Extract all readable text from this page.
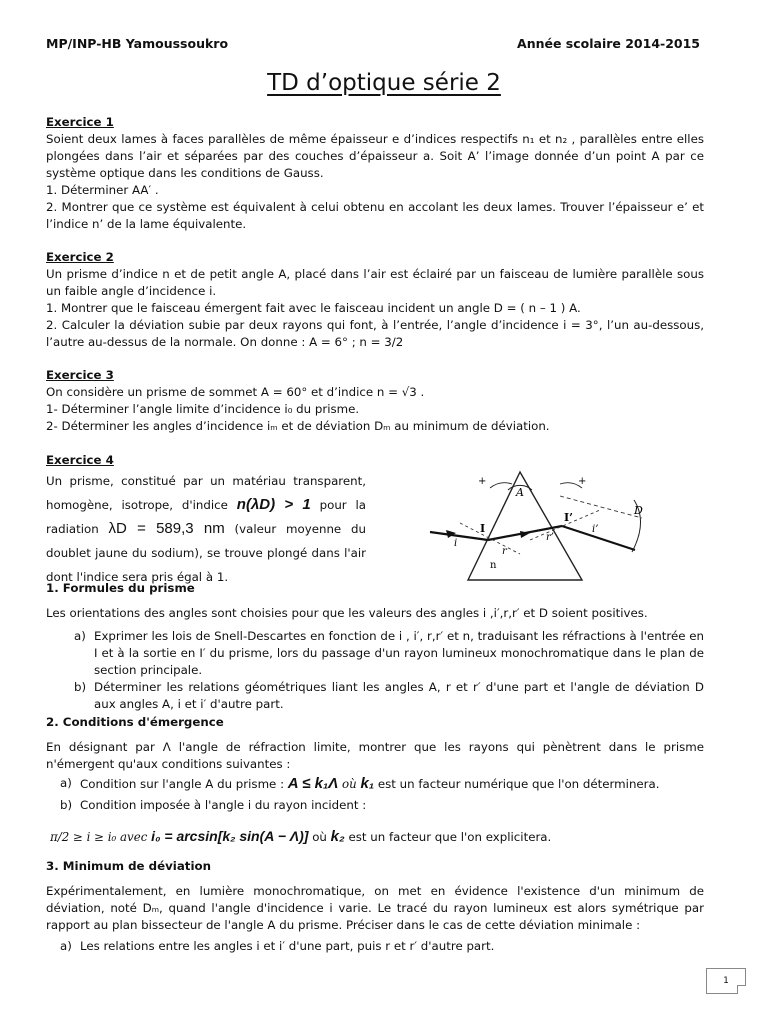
MP/INP-HB Yamoussoukro	Année scolaire 2014-2015
TD d’optique série 2
Exercice 1

Soient deux lames à faces parallèles de même épaisseur e d’indices respectifs n₁ et n₂ , parallèles entre elles plongées dans l’air et séparées par des couches d’épaisseur a. Soit A’ l’image donnée d’un point A par ce système optique dans les conditions de Gauss.

1. Déterminer AA′ .

2. Montrer que ce système est équivalent à celui obtenu en accolant les deux lames. Trouver l’épaisseur e’ et l’indice n’ de la lame équivalente.

Exercice 2

Un prisme d’indice n et de petit angle A, placé dans l’air est éclairé par un faisceau de lumière parallèle sous un faible angle d’incidence i.

1. Montrer que le faisceau émergent fait avec le faisceau incident un angle D = ( n – 1 ) A.

2. Calculer la déviation subie par deux rayons qui font, à l’entrée, l’angle d’incidence i = 3°, l’un au-dessous, l’autre au-dessus de la normale. On donne : A = 6° ; n = 3/2

Exercice 3

On considère un prisme de sommet A = 60° et d’indice n = √3 .

1- Déterminer l’angle limite d’incidence i₀ du prisme.

2- Déterminer les angles d’incidence iₘ et de déviation Dₘ au minimum de déviation.

Exercice 4

Un prisme, constitué par un matériau transparent, homogène, isotrope, d'indice n(λD) > 1 pour la radiation λD = 589,3 nm (valeur moyenne du doublet jaune du sodium), se trouve plongé dans l'air dont l'indice sera pris égal à 1.

A
I
I’
i
r
r’
i’
D
n
+	+
1. Formules du prisme

Les orientations des angles sont choisies pour que les valeurs des angles i ,i′,r,r′ et D soient positives.

a) Exprimer les lois de Snell-Descartes en fonction de i , i′, r,r′ et n, traduisant les réfractions à l'entrée en I et à la sortie en I′ du prisme, lors du passage d'un rayon lumineux monochromatique dans le plan de section principale.
b) Déterminer les relations géométriques liant les angles A, r et r′ d'une part et l'angle de déviation D aux angles A, i et i′ d'autre part.
2. Conditions d'émergence

En désignant par Λ l'angle de réfraction limite, montrer que les rayons qui pènètrent dans le prisme n'émergent qu'aux conditions suivantes :

a) Condition sur l'angle A du prisme : A ≤ k₁Λ où k₁ est un facteur numérique que l'on déterminera.
b) Condition imposée à l'angle i du rayon incident :

π/2 ≥ i ≥ i₀ avec i₀ = arcsin[k₂ sin(A − Λ)] où k₂ est un facteur que l'on explicitera.

3. Minimum de déviation

Expérimentalement, en lumière monochromatique, on met en évidence l'existence d'un minimum de déviation, noté Dₘ, quand l'angle d'incidence i varie. Le tracé du rayon lumineux est alors symétrique par rapport au plan bissecteur de l'angle A du prisme. Préciser dans le cas de cette déviation minimale :

a) Les relations entre les angles i et i′ d'une part, puis r et r′ d'autre part.
1
